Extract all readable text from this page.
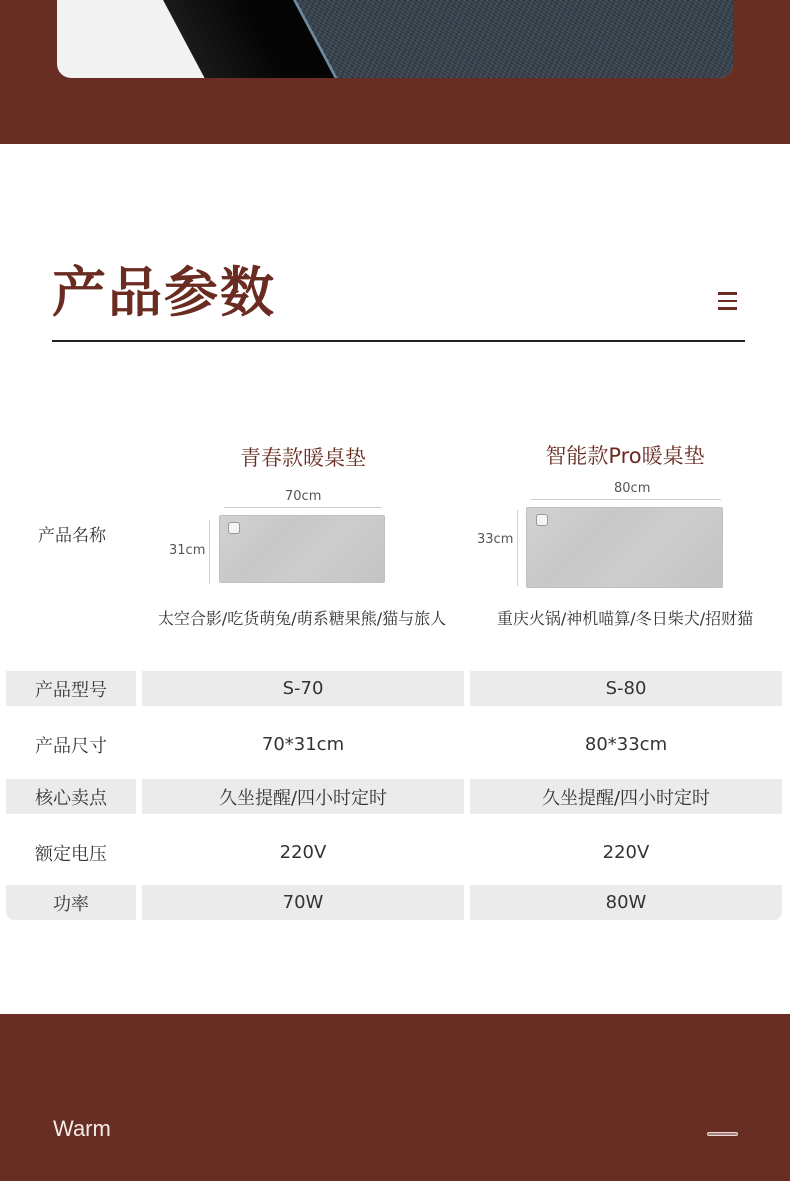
产品参数
产品名称
青春款暖桌垫	智能款Pro暖桌垫
70cm
31cm
80cm
33cm
太空合影/吃货萌兔/萌系糖果熊/猫与旅人	重庆火锅/神机喵算/冬日柴犬/招财猫
产品型号	S-70	S-80
产品尺寸	70*31cm	80*33cm
核心卖点	久坐提醒/四小时定时	久坐提醒/四小时定时
额定电压	220V	220V
功率	70W	80W
Warm
